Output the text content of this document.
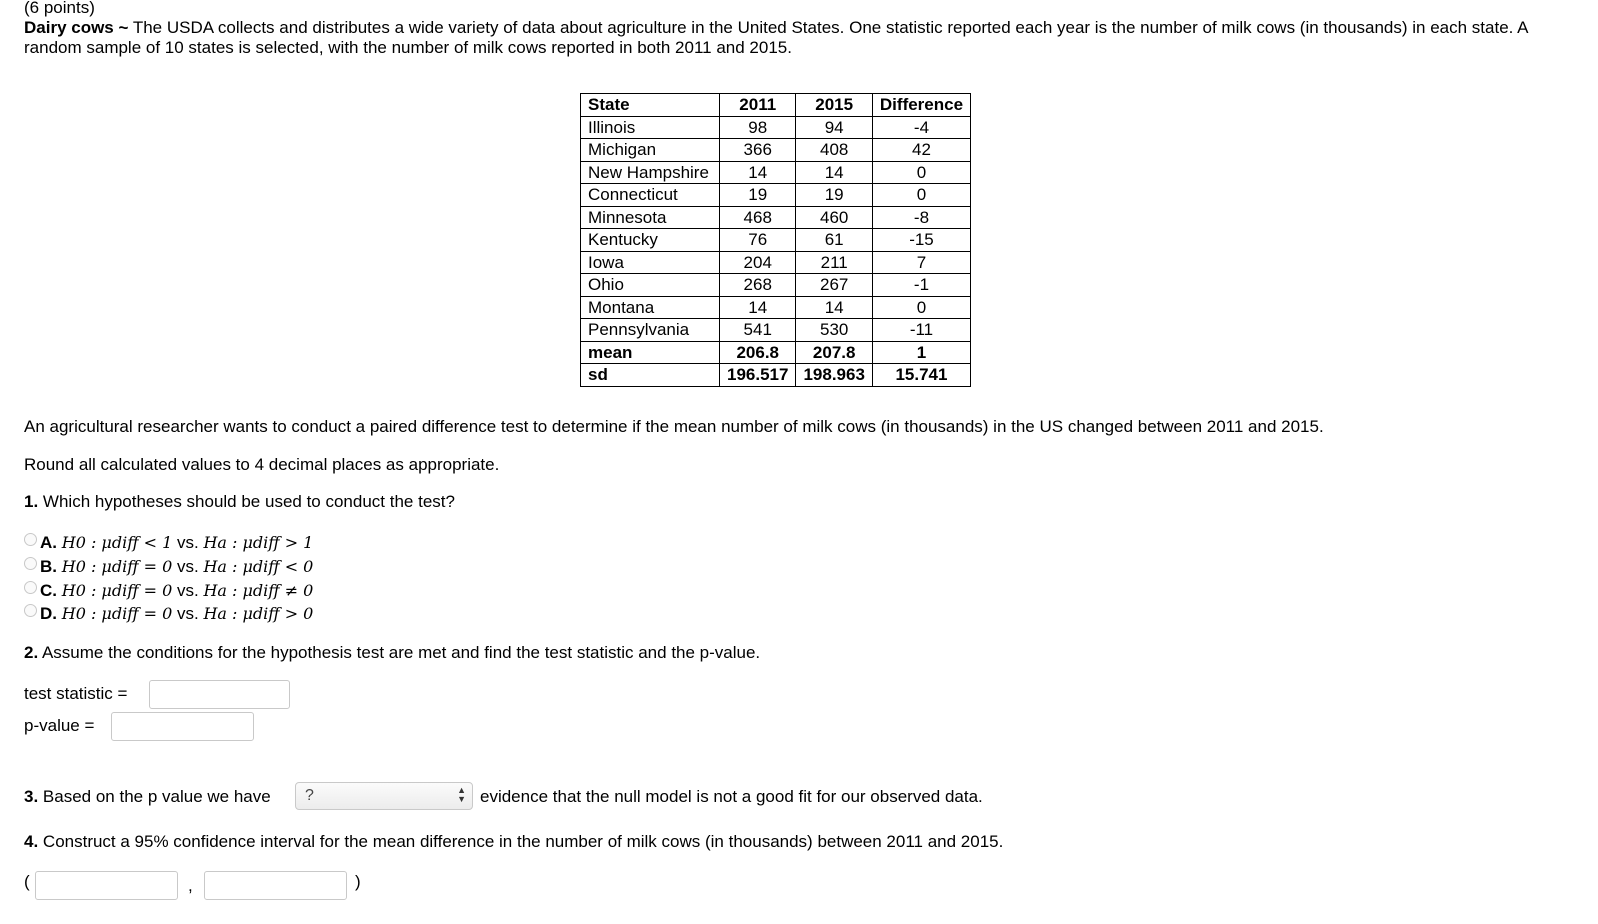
(6 points)
Dairy cows ~ The USDA collects and distributes a wide variety of data about agriculture in the United States. One statistic reported each year is the number of milk cows (in thousands) in each state. A random sample of 10 states is selected, with the number of milk cows reported in both 2011 and 2015.
State	2011	2015	Difference
Illinois	98	94	-4
Michigan	366	408	42
New Hampshire	14	14	0
Connecticut	19	19	0
Minnesota	468	460	-8
Kentucky	76	61	-15
Iowa	204	211	7
Ohio	268	267	-1
Montana	14	14	0
Pennsylvania	541	530	-11
mean	206.8	207.8	1
sd	196.517	198.963	15.741
An agricultural researcher wants to conduct a paired difference test to determine if the mean number of milk cows (in thousands) in the US changed between 2011 and 2015.
Round all calculated values to 4 decimal places as appropriate.
1. Which hypotheses should be used to conduct the test?
A. H0 : μdiff < 1 vs. Ha : μdiff > 1
B. H0 : μdiff = 0 vs. Ha : μdiff < 0
C. H0 : μdiff = 0 vs. Ha : μdiff ≠ 0
D. H0 : μdiff = 0 vs. Ha : μdiff > 0
2. Assume the conditions for the hypothesis test are met and find the test statistic and the p-value.
test statistic =
p-value =
3. Based on the p value we have	?	▲
▼ evidence that the null model is not a good fit for our observed data.
4. Construct a 95% confidence interval for the mean difference in the number of milk cows (in thousands) between 2011 and 2015.
(	,	)
